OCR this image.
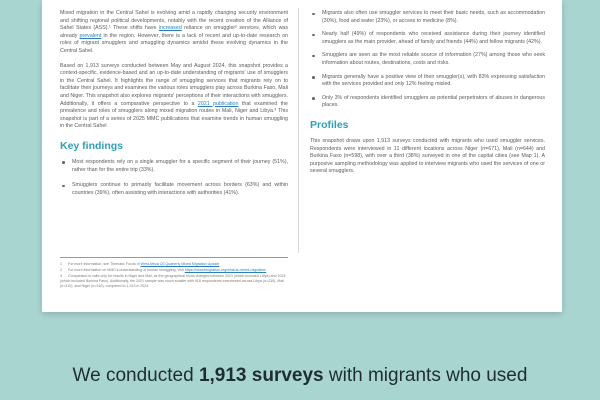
Mixed migration in the Central Sahel is evolving amid a rapidly changing security environment and shifting regional political developments, notably with the recent creation of the Alliance of Sahel States (ASS).¹ These shifts have increased reliance on smuggler² services, which was already prevalent in the region. However, there is a lack of recent and up-to-date research on roles of migrant smugglers and smuggling dynamics amidst these evolving dynamics in the Central Sahel.

Based on 1,913 surveys conducted between May and August 2024, this snapshot provides a context-specific, evidence-based and an up-to-date understanding of migrants' use of smugglers in the Central Sahel. It highlights the range of smuggling services that migrants rely on to facilitate their journeys and examines the various roles smugglers play across Burkina Faso, Mali and Niger. This snapshot also explores migrants' perceptions of their interactions with smugglers. Additionally, it offers a comparative perspective to a 2021 publication that examined the prevalence and roles of smugglers along mixed migration routes in Mali, Niger and Libya.³ This snapshot is part of a series of 2025 MMC publications that examine trends in human smuggling in the Central Sahel

Key findings
Most respondents rely on a single smuggler for a specific segment of their journey (51%), rather than for the entire trip (33%).
Smugglers continue to primarily facilitate movement across borders (63%) and within countries (39%), often assisting with interactions with authorities (41%).
1 For more information, see Thematic Focus of West Africa Q3 Quarterly Mixed Migration Update
2 For more information on MMC's understanding of human smuggling, visit https://mixedmigration.org/what-is-mixed-migration/
3 Comparison is valid only for results in Niger and Mali, as the geographical focus changed between 2021 (which included Libya) and 2024 (which included Burkina Faso). Additionally, the 2021 sample was much smaller with 918 respondents interviewed across Libya (n=235), Mali (n=310), and Niger (n=310), compared to 1,913 in 2024.
Migrants also often use smuggler services to meet their basic needs, such as accommodation (30%), food and water (23%), or access to medicine (8%).
Nearly half (49%) of respondents who received assistance during their journey identified smugglers as the main provider, ahead of family and friends (44%) and fellow migrants (42%).
Smugglers are seen as the most reliable source of information (27%) among those who seek information about routes, destinations, costs and risks.
Migrants generally have a positive view of their smuggler(s), with 83% expressing satisfaction with the services provided and only 12% feeling misled.
Only 3% of respondents identified smugglers as potential perpetrators of abuses in dangerous places.
Profiles

This snapshot draws upon 1,913 surveys conducted with migrants who used smuggler services. Respondents were interviewed in 11 different locations across Niger (n=671), Mali (n=644) and Burkina Faso (n=598), with over a third (38%) surveyed in one of the capital cities (see Map 1). A purposive sampling methodology was applied to interview migrants who used the services of one or several smugglers.

We conducted 1,913 surveys with migrants who used
